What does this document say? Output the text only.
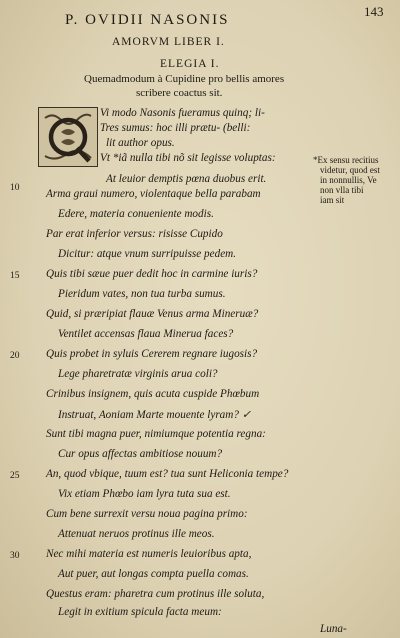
P. OVIDII NASONIS
143
AMORVM LIBER I.
ELEGIA I.
Quemadmodum à Cupidine pro bellis amores
scribere coactus sit.
Vi modo Nasonis fueramus quinq; li-
Tres sumus: hoc illi prætu- (belli:
lit author opus.
Vt *iã nulla tibi nõ sit legisse voluptas:
At leuior demptis pœna duobus erit.
Arma graui numero, violentaque bella parabam
Edere, materia conueniente modis.
Par erat inferior versus: risisse Cupido
Dicitur: atque vnum surripuisse pedem.
Quis tibi sæue puer dedit hoc in carmine iuris?
Pieridum vates, non tua turba sumus.
Quid, si præripiat flauæ Venus arma Mineruæ?
Ventilet accensas flaua Minerua faces?
Quis probet in syluis Cererem regnare iugosis?
Lege pharetratæ virginis arua coli?
Crinibus insignem, quis acuta cuspide Phœbum
Instruat, Aoniam Marte mouente lyram? ✓
Sunt tibi magna puer, nimiumque potentia regna:
Cur opus affectas ambitiose nouum?
An, quod vbique, tuum est? tua sunt Heliconia tempe?
Vix etiam Phœbo iam lyra tuta sua est.
Cum bene surrexit versu noua pagina primo:
Attenuat neruos protinus ille meos.
Nec mihi materia est numeris leuioribus apta,
Aut puer, aut longas compta puella comas.
Questus eram: pharetra cum protinus ille soluta,
Legit in exitium spicula facta meum:
Luna-
10
15
20
25
30
*Ex sensu recitius
videtur, quod est
in nonnullis, Ve
non vlla tibi
iam sit
